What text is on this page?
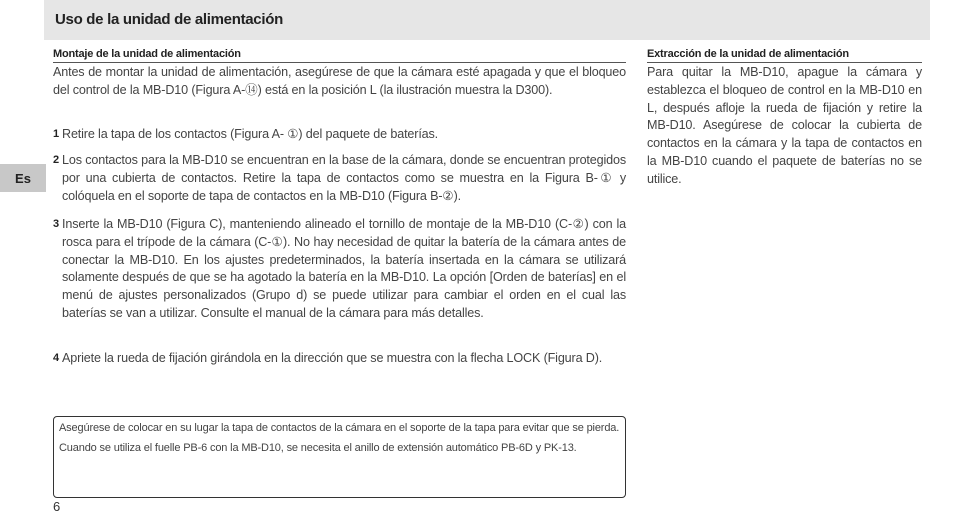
Uso de la unidad de alimentación
Es
Montaje de la unidad de alimentación
Antes de montar la unidad de alimentación, asegúrese de que la cámara esté apagada y que el bloqueo del control de la MB-D10 (Figura A-⑭) está en la posición L (la ilustración muestra la D300).
1 Retire la tapa de los contactos (Figura A- ①) del paquete de baterías.
2 Los contactos para la MB-D10 se encuentran en la base de la cámara, donde se encuentran protegidos por una cubierta de contactos. Retire la tapa de contactos como se muestra en la Figura B-① y colóquela en el soporte de tapa de contactos en la MB-D10 (Figura B-②).
3 Inserte la MB-D10 (Figura C), manteniendo alineado el tornillo de montaje de la MB-D10 (C-②) con la rosca para el trípode de la cámara (C-①). No hay necesidad de quitar la batería de la cámara antes de conectar la MB-D10. En los ajustes predeterminados, la batería insertada en la cámara se utilizará solamente después de que se ha agotado la batería en la MB-D10. La opción [Orden de baterías] en el menú de ajustes personalizados (Grupo d) se puede utilizar para cambiar el orden en el cual las baterías se van a utilizar. Consulte el manual de la cámara para más detalles.
4 Apriete la rueda de fijación girándola en la dirección que se muestra con la flecha LOCK (Figura D).

Asegúrese de colocar en su lugar la tapa de contactos de la cámara en el soporte de la tapa para evitar que se pierda.

Cuando se utiliza el fuelle PB-6 con la MB-D10, se necesita el anillo de extensión automático PB-6D y PK-13.

6
Extracción de la unidad de alimentación
Para quitar la MB-D10, apague la cámara y establezca el bloqueo de control en la MB-D10 en L, después afloje la rueda de fijación y retire la MB-D10. Asegúrese de colocar la cubierta de contactos en la cámara y la tapa de contactos en la MB-D10 cuando el paquete de baterías no se utilice.
